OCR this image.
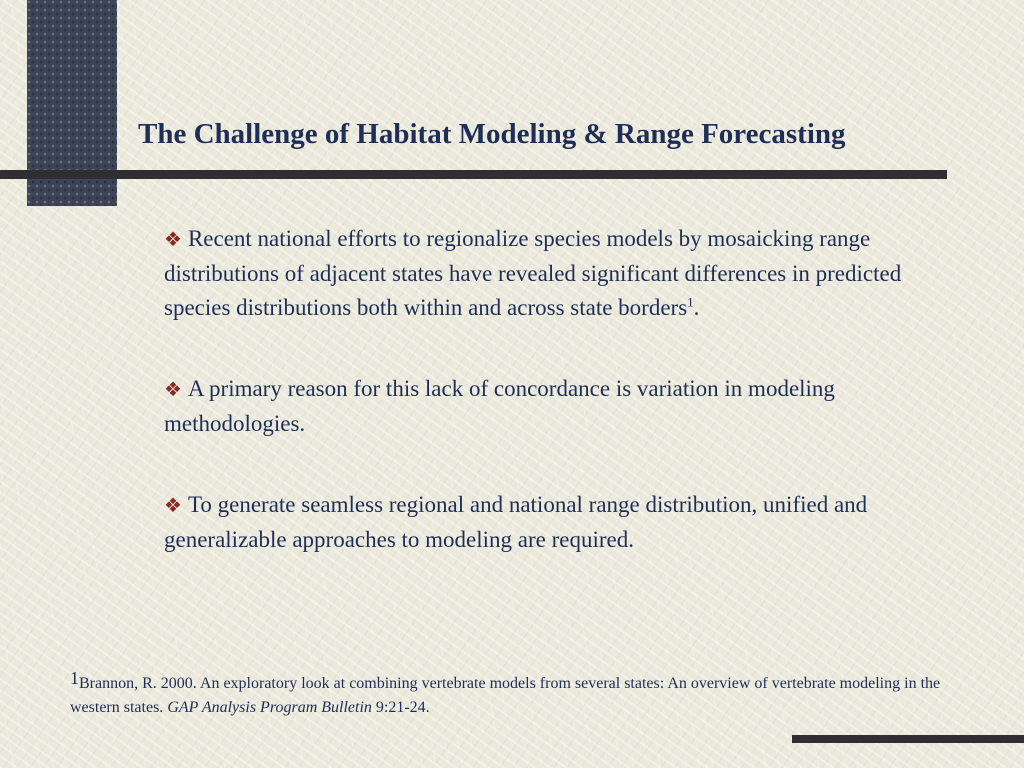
The Challenge of Habitat Modeling & Range Forecasting
❖ Recent national efforts to regionalize species models by mosaicking range distributions of adjacent states have revealed significant differences in predicted species distributions both within and across state borders$^1$.
❖ A primary reason for this lack of concordance is variation in modeling methodologies.
❖ To generate seamless regional and national range distribution, unified and generalizable approaches to modeling are required.
1Brannon, R. 2000. An exploratory look at combining vertebrate models from several states: An overview of vertebrate modeling in the western states. GAP Analysis Program Bulletin 9:21-24.
